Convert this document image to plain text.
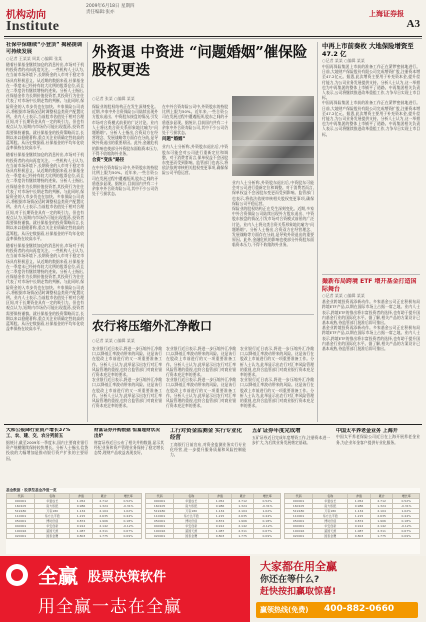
机构动向
Institute
2009年6月18日 星期四
责任编辑:张亦	上海证券报
A3
社保中保继续“小登顶” 揭秘提调可持续发展
○记者 王某某 周某 ○编辑 张某
随着社保基金继续加仓的消息传出,市场对于机构投资者的动向再度关注。一些机构人士认为,在当前市场环境下,长期资金的入市对于稳定市场具有积极意义。从近期的数据来看,社保基金在一季度末已经持有较大比例的股票仓位,而且在二季度仍有继续增持的迹象。分析人士指出,社保基金作为长期价值投资者,其投资行为往往代表了对市场中长期走势的判断。与此同时,保险资金的入市步伐也在加快。多家保险公司表示,将根据市场情况适时调整权益类资产配置比例。业内人士表示,当前股市估值处于相对合理区间,对于长期资金具有一定的吸引力。但也有观点认为,短期内市场仍可能出现震荡,投资者需要保持谨慎。就社保基金的投资策略而言,长期以来以稳健著称,重点关注业绩确定性较高的蓝筹股。从历史数据看,社保基金的平均年化收益率保持在较高水平。
随着社保基金继续加仓的消息传出,市场对于机构投资者的动向再度关注。一些机构人士认为,在当前市场环境下,长期资金的入市对于稳定市场具有积极意义。从近期的数据来看,社保基金在一季度末已经持有较大比例的股票仓位,而且在二季度仍有继续增持的迹象。分析人士指出,社保基金作为长期价值投资者,其投资行为往往代表了对市场中长期走势的判断。与此同时,保险资金的入市步伐也在加快。多家保险公司表示,将根据市场情况适时调整权益类资产配置比例。业内人士表示,当前股市估值处于相对合理区间,对于长期资金具有一定的吸引力。但也有观点认为,短期内市场仍可能出现震荡,投资者需要保持谨慎。就社保基金的投资策略而言,长期以来以稳健著称,重点关注业绩确定性较高的蓝筹股。从历史数据看,社保基金的平均年化收益率保持在较高水平。
随着社保基金继续加仓的消息传出,市场对于机构投资者的动向再度关注。一些机构人士认为,在当前市场环境下,长期资金的入市对于稳定市场具有积极意义。从近期的数据来看,社保基金在一季度末已经持有较大比例的股票仓位,而且在二季度仍有继续增持的迹象。分析人士指出,社保基金作为长期价值投资者,其投资行为往往代表了对市场中长期走势的判断。与此同时,保险资金的入市步伐也在加快。多家保险公司表示,将根据市场情况适时调整权益类资产配置比例。业内人士表示,当前股市估值处于相对合理区间,对于长期资金具有一定的吸引力。但也有观点认为,短期内市场仍可能出现震荡,投资者需要保持谨慎。就社保基金的投资策略而言,长期以来以稳健著称,重点关注业绩确定性较高的蓝筹股。从历史数据看,社保基金的平均年化收益率保持在较高水平。
外资退 中资进 “问题婚姻”催保险股权更迭
○记者 张某 ○编辑 某某
保险业的股权结构正在发生深刻变化。近期,多家中外合资保险公司陆续出现外方股东退出、中资股东接盘的情况,引发市场对合资模式前景的广泛讨论。业内人士将这类合资关系形象地比喻为“问题婚姻”。分析人士指出,合资双方在经营理念、发展战略等方面存在分歧,是导致外资退出的重要原因。此外,金融危机的影响也使部分外资股东面临资本压力,不得不收缩海外业务。
合资“变法”路径
在中外合资寿险公司中,外资股东的持股比例上限为50%。近年来,一些合资公司在发展过程中遭遇瓶颈,股东之间的矛盾逐步显现。据统计,目前国内共有二十余家中外合资寿险公司,其中不少公司仍处于亏损状态。
在中外合资寿险公司中,外资股东的持股比例上限为50%。近年来,一些合资公司在发展过程中遭遇瓶颈,股东之间的矛盾逐步显现。据统计,目前国内共有二十余家中外合资寿险公司,其中不少公司仍处于亏损状态。
问题“婚姻”
业内人士分析称,外资股东退出后,中资股东可能会对公司进行重新定位和调整。对于消费者而言,保单权益不会因股东变更而受到影响。监管部门也表示,将依法依规审核相关股权变更事项,确保保险公司平稳运营。
业内人士分析称,外资股东退出后,中资股东可能会对公司进行重新定位和调整。对于消费者而言,保单权益不会因股东变更而受到影响。监管部门也表示,将依法依规审核相关股权变更事项,确保保险公司平稳运营。
保险业的股权结构正在发生深刻变化。近期,多家中外合资保险公司陆续出现外方股东退出、中资股东接盘的情况,引发市场对合资模式前景的广泛讨论。业内人士将这类合资关系形象地比喻为“问题婚姻”。分析人士指出,合资双方在经营理念、发展战略等方面存在分歧,是导致外资退出的重要原因。此外,金融危机的影响也使部分外资股东面临资本压力,不得不收缩海外业务。
中再上市前奏枚 大地保险增资至 47.2 亿
○记者 某某 ○编辑 某某
中国再保险集团上市前的准备工作正在紧锣密鼓地进行。日前,大地财产保险股份有限公司完成增资扩股,注册资本增至47.2亿元。据悉,此次增资主要用于补充资本金,提升偿付能力,为公司业务发展提供支持。分析人士认为,这一举措也为中再集团的整体上市铺平了道路。中再集团相关负责人表示,公司将继续推进改革重组工作,力争早日实现上市目标。
中国再保险集团上市前的准备工作正在紧锣密鼓地进行。日前,大地财产保险股份有限公司完成增资扩股,注册资本增至47.2亿元。据悉,此次增资主要用于补充资本金,提升偿付能力,为公司业务发展提供支持。分析人士认为,这一举措也为中再集团的整体上市铺平了道路。中再集团相关负责人表示,公司将继续推进改革重组工作,力争早日实现上市目标。
撮新布局跨境 ETF 增开基金打造国际舞台
○记者 某某 ○编辑 某某
基金业跨境投资再添新动作。多家基金公司正在积极布局跨境ETF产品,以期在国际市场上占据一席之地。业内人士表示,跨境ETF的推出将丰富投资者的选择,也有助于提升国内基金行业的国际化水平。据了解,相关产品的方案设计已基本成熟,待监管部门批准后即可推出。
基金业跨境投资再添新动作。多家基金公司正在积极布局跨境ETF产品,以期在国际市场上占据一席之地。业内人士表示,跨境ETF的推出将丰富投资者的选择,也有助于提升国内基金行业的国际化水平。据了解,相关产品的方案设计已基本成熟,待监管部门批准后即可推出。
农行将压缩外汇净敞口
○记者 某某 ○编辑 某某
农业银行近日表示,将进一步压缩外汇净敞口,以降低汇率波动带来的风险。这是该行在股改上市前进行的又一项重要准备工作。分析人士认为,此举显示出农行对汇率风险管理的重视,也符合监管部门对商业银行资本充足率的要求。
农业银行近日表示,将进一步压缩外汇净敞口,以降低汇率波动带来的风险。这是该行在股改上市前进行的又一项重要准备工作。分析人士认为,此举显示出农行对汇率风险管理的重视,也符合监管部门对商业银行资本充足率的要求。
农业银行近日表示,将进一步压缩外汇净敞口,以降低汇率波动带来的风险。这是该行在股改上市前进行的又一项重要准备工作。分析人士认为,此举显示出农行对汇率风险管理的重视,也符合监管部门对商业银行资本充足率的要求。
农业银行近日表示,将进一步压缩外汇净敞口,以降低汇率波动带来的风险。这是该行在股改上市前进行的又一项重要准备工作。分析人士认为,此举显示出农行对汇率风险管理的重视,也符合监管部门对商业银行资本充足率的要求。
农业银行近日表示,将进一步压缩外汇净敞口,以降低汇率波动带来的风险。这是该行在股改上市前进行的又一项重要准备工作。分析人士认为,此举显示出农行对汇率风险管理的重视,也符合监管部门对商业银行资本充足率的要求。
农业银行近日表示,将进一步压缩外汇净敞口,以降低汇率波动带来的风险。这是该行在股改上市前进行的又一项重要准备工作。分析人士认为,此举显示出农行对汇率风险管理的重视,也符合监管部门对商业银行资本充足率的要求。
大和公报降行业资产增长37%
工、农、建、交、农分列前五
据统计,截至2009年一季度末,国内主要商业银行资产规模继续保持较快增长。分析人士指出,信贷投放的大幅增加是推动银行资产扩张的主要原因。
财富证券并购数据 恒富理财状况出炉
财富证券近日公布了相关并购数据,显示其经纪业务和资产管理业务保持了稳定增长态势,理财产品收益表现良好。
工行对资金监测金 实行专业化经营
工商银行日前宣布,对资金监测业务实行专业化经营,进一步提升服务质量和风险控制能力。
五矿证券年度完成增
五矿证券近日完成年度增资工作,注册资本进一步扩大,为后续业务发展奠定基础。
中国太平养老金业务 上海开
中国太平养老保险公司近日在上海开展养老金业务,为企业年金客户提供专业化服务。
基金数据 · 股票型基金净值一览
代码	名称	净值	累计	增长率
000001	华夏成长	1.052	2.712	0.52%
160105	南方积配	0.986	1.324	-0.31%
519180	万家180	1.134	2.104	1.02%
110001	易方达平稳	1.215	2.635	0.44%
050001	博时价值	0.874	1.906	0.18%
040001	华安创新	0.912	2.142	-0.12%
100016	富国天源	1.087	2.311	0.67%
020001	国泰金鹰	0.803	1.775	0.09%
代码	名称	净值	累计	增长率
000001	华夏成长	1.052	2.712	0.52%
160105	南方积配	0.986	1.324	-0.31%
519180	万家180	1.134	2.104	1.02%
110001	易方达平稳	1.215	2.635	0.44%
050001	博时价值	0.874	1.906	0.18%
040001	华安创新	0.912	2.142	-0.12%
100016	富国天源	1.087	2.311	0.67%
020001	国泰金鹰	0.803	1.775	0.09%
代码	名称	净值	累计	增长率
000001	华夏成长	1.052	2.712	0.52%
160105	南方积配	0.986	1.324	-0.31%
519180	万家180	1.134	2.104	1.02%
110001	易方达平稳	1.215	2.635	0.44%
050001	博时价值	0.874	1.906	0.18%
040001	华安创新	0.912	2.142	-0.12%
100016	富国天源	1.087	2.311	0.67%
020001	国泰金鹰	0.803	1.775	0.09%
全赢 股票决策软件
用全赢一志在全赢
大家都在用全赢
你还在等什么?
赶快按扣赢取惊喜!
赢领热线(免费) 400-882-0660
